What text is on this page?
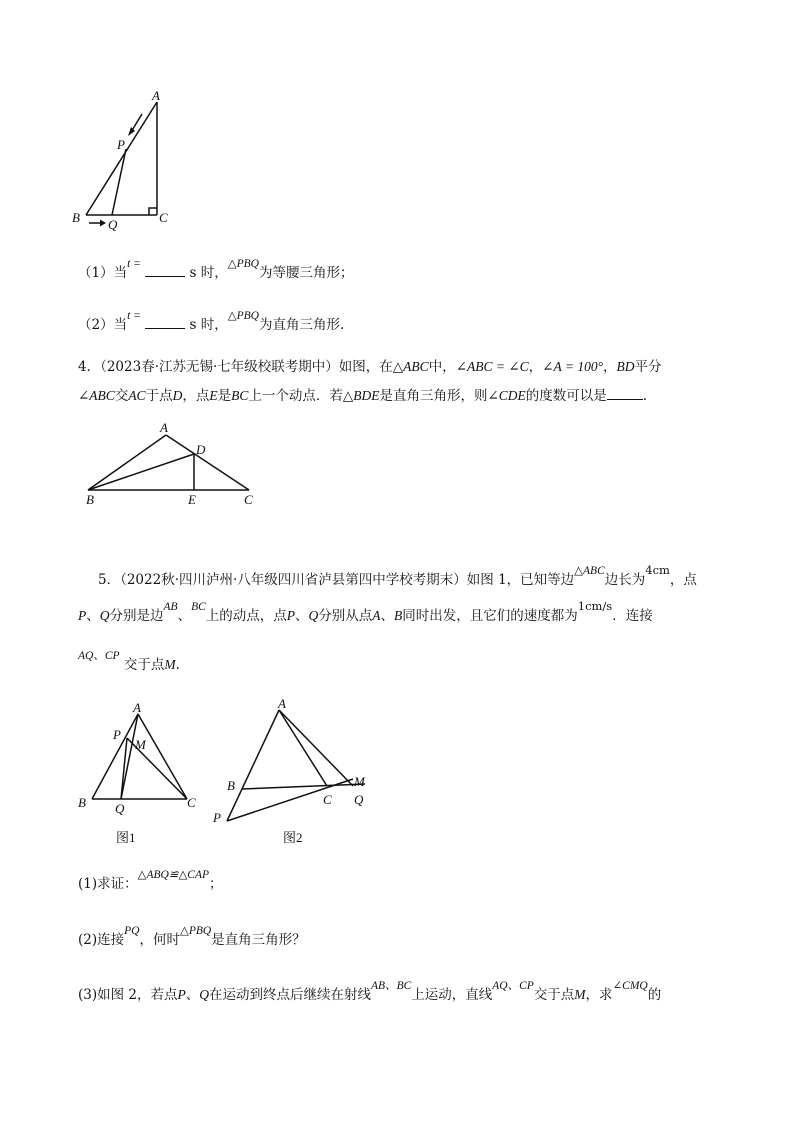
A
P
B Q	C
（1）当t =  s 时，△PBQ为等腰三角形；
（2）当t =  s 时，△PBQ为直角三角形.
4．（2023春·江苏无锡·七年级校联考期中）如图，在△ABC中，∠ABC = ∠C，∠A = 100°，BD平分
∠ABC交AC于点D，点E是BC上一个动点．若△BDE是直角三角形，则∠CDE的度数可以是	.
A
D
B	E	C
5．（2022秋·四川泸州·八年级四川省泸县第四中学校考期末）如图 1，已知等边△ABC边长为4cm，点
P、Q分别是边AB、BC上的动点，点P、Q分别从点A、B同时出发，且它们的速度都为1cm/s．连接
AQ、CP 交于点M.
A
P
M
B Q	C
图1
A
B
C
M
Q
P
图2
(1)求证：△ABQ≌△CAP；
(2)连接PQ，何时△PBQ是直角三角形？
(3)如图 2，若点P、Q在运动到终点后继续在射线AB、BC上运动，直线AQ、CP交于点M，求∠CMQ的
